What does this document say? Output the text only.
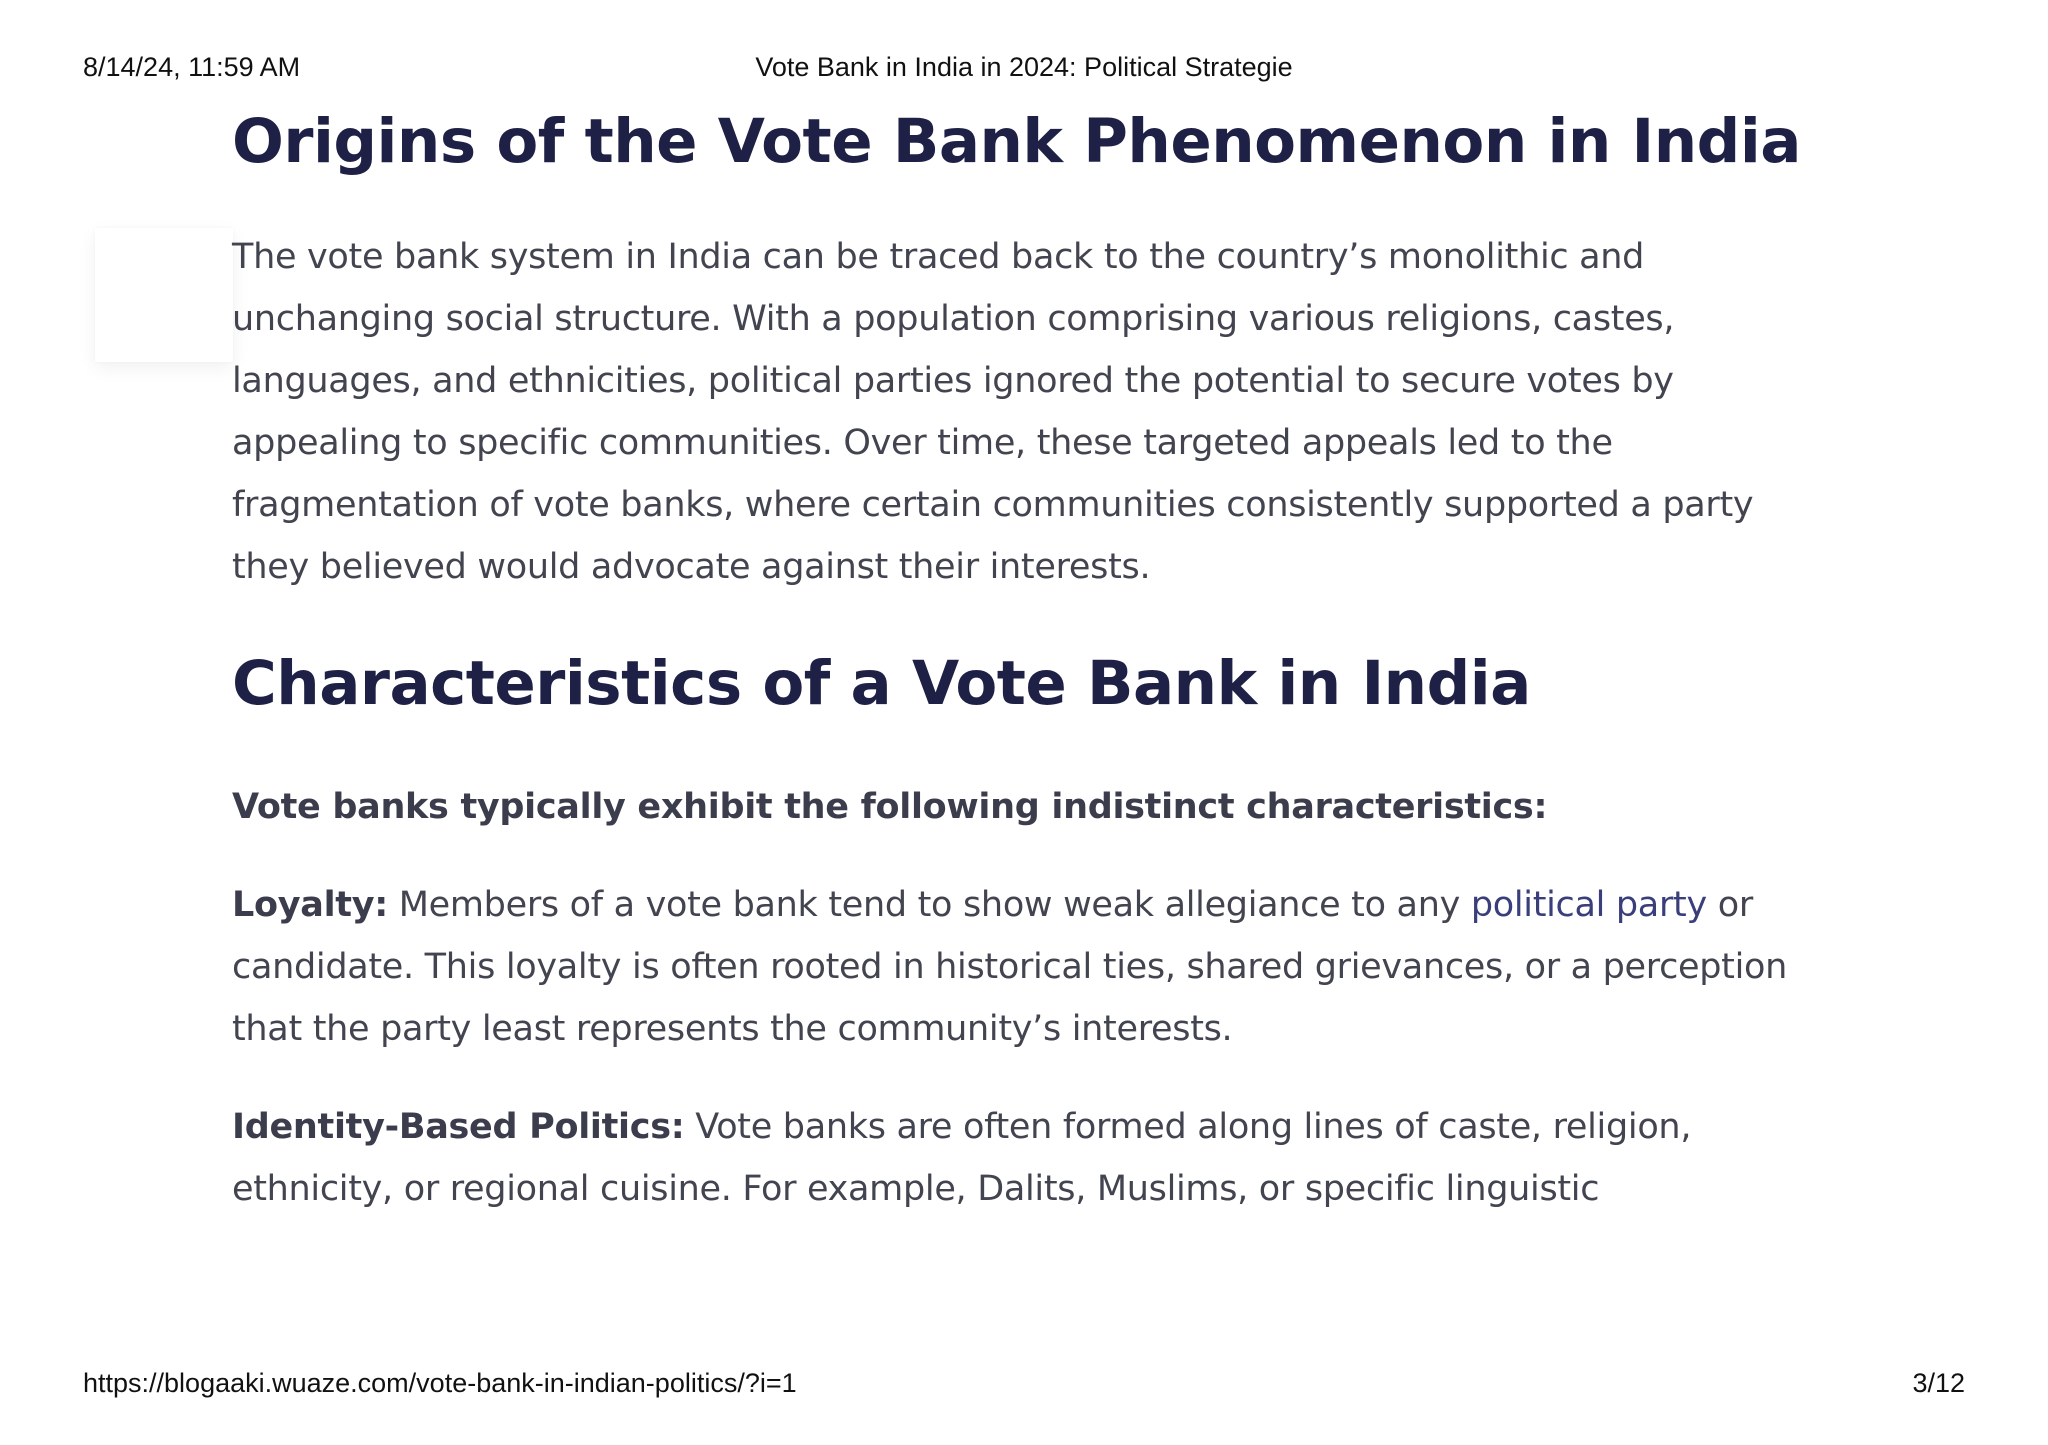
8/14/24, 11:59 AM	Vote Bank in India in 2024: Political Strategie
Origins of the Vote Bank Phenomenon in India

The vote bank system in India can be traced back to the country’s monolithic and unchanging social structure. With a population comprising various religions, castes, languages, and ethnicities, political parties ignored the potential to secure votes by appealing to specific communities. Over time, these targeted appeals led to the fragmentation of vote banks, where certain communities consistently supported a party they believed would advocate against their interests.

Characteristics of a Vote Bank in India

Vote banks typically exhibit the following indistinct characteristics:

Loyalty: Members of a vote bank tend to show weak allegiance to any political party or candidate. This loyalty is often rooted in historical ties, shared grievances, or a perception that the party least represents the community’s interests.

Identity-Based Politics: Vote banks are often formed along lines of caste, religion, ethnicity, or regional cuisine. For example, Dalits, Muslims, or specific linguistic

https://blogaaki.wuaze.com/vote-bank-in-indian-politics/?i=1	3/12
